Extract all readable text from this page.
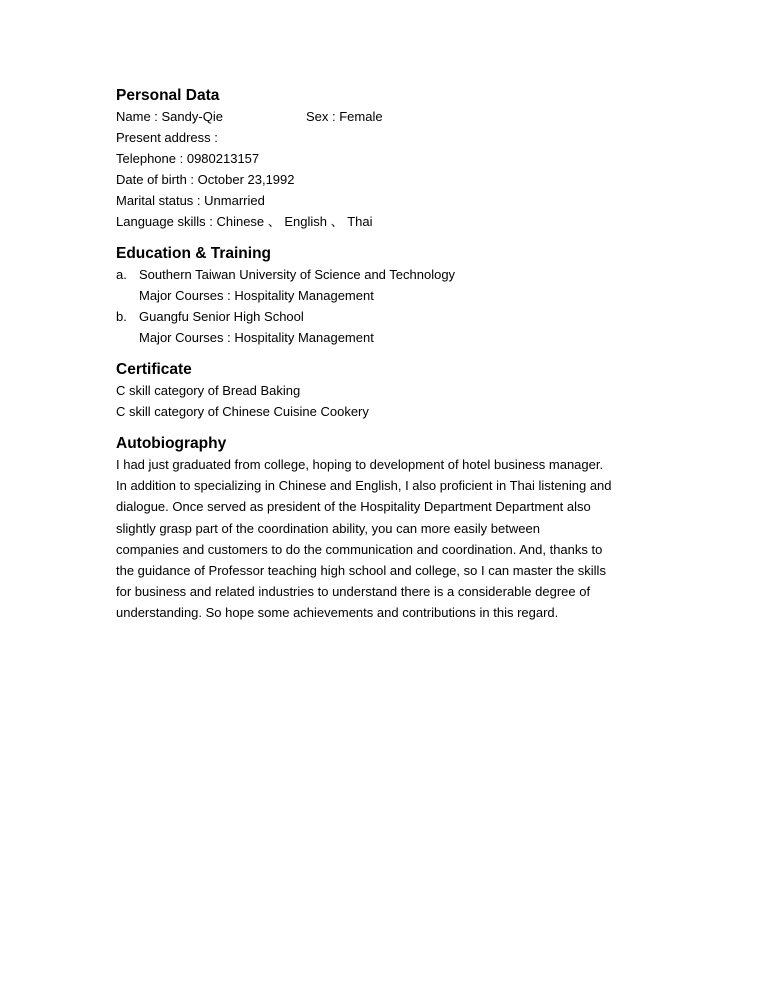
Personal Data
Name : Sandy-Qie	Sex : Female
Present address :
Telephone : 0980213157
Date of birth : October 23,1992
Marital status : Unmarried
Language skills : Chinese 、 English 、 Thai
Education & Training
a. Southern Taiwan University of Science and Technology
Major Courses : Hospitality Management
b. Guangfu Senior High School
Major Courses : Hospitality Management
Certificate
C skill category of Bread Baking
C skill category of Chinese Cuisine Cookery
Autobiography
I had just graduated from college, hoping to development of hotel business manager.
In addition to specializing in Chinese and English, I also proficient in Thai listening and
dialogue. Once served as president of the Hospitality Department Department also
slightly grasp part of the coordination ability, you can more easily between
companies and customers to do the communication and coordination. And, thanks to
the guidance of Professor teaching high school and college, so I can master the skills
for business and related industries to understand there is a considerable degree of
understanding. So hope some achievements and contributions in this regard.
